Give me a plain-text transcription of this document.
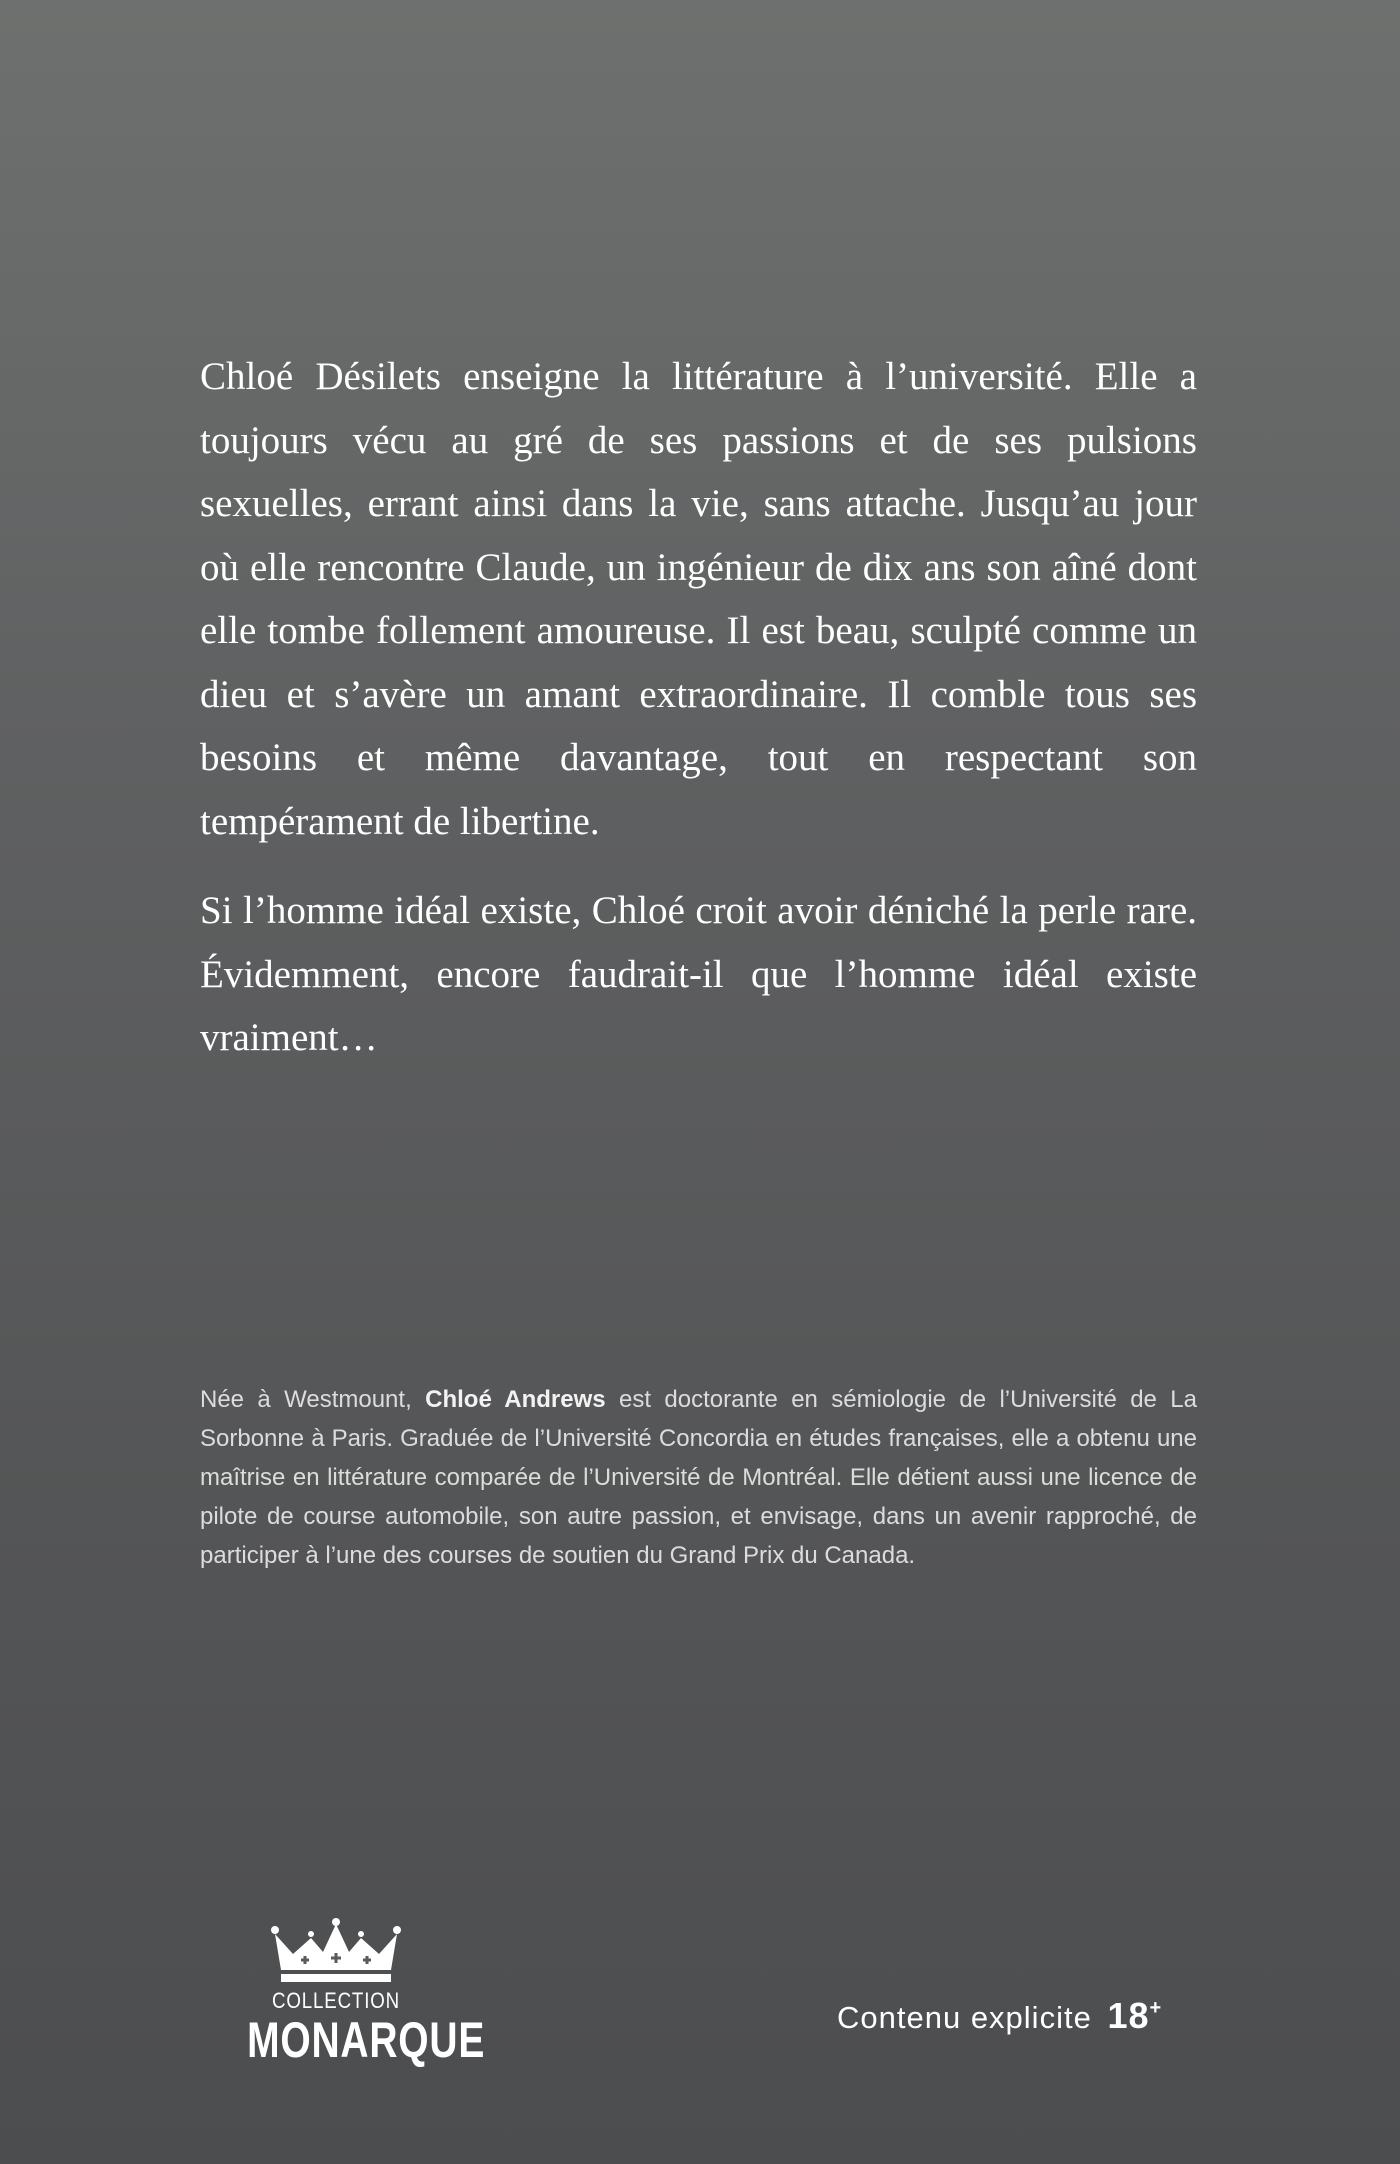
Chloé Désilets enseigne la littérature à l’université. Elle a toujours vécu au gré de ses passions et de ses pulsions sexuelles, errant ainsi dans la vie, sans attache. Jusqu’au jour où elle rencontre Claude, un ingénieur de dix ans son aîné dont elle tombe follement amoureuse. Il est beau, sculpté comme un dieu et s’avère un amant extraordinaire. Il comble tous ses besoins et même davantage, tout en respectant son tempérament de libertine.

Si l’homme idéal existe, Chloé croit avoir déniché la perle rare. Évidemment, encore faudrait-il que l’homme idéal existe vraiment…

Née à Westmount, Chloé Andrews est doctorante en sémiologie de l’Université de La Sorbonne à Paris. Graduée de l’Université Concordia en études françaises, elle a obtenu une maîtrise en littérature comparée de l’Université de Montréal. Elle détient aussi une licence de pilote de course automobile, son autre passion, et envisage, dans un avenir rapproché, de participer à l’une des courses de soutien du Grand Prix du Canada.

COLLECTION
MONARQUE	Contenu explicite 18+
